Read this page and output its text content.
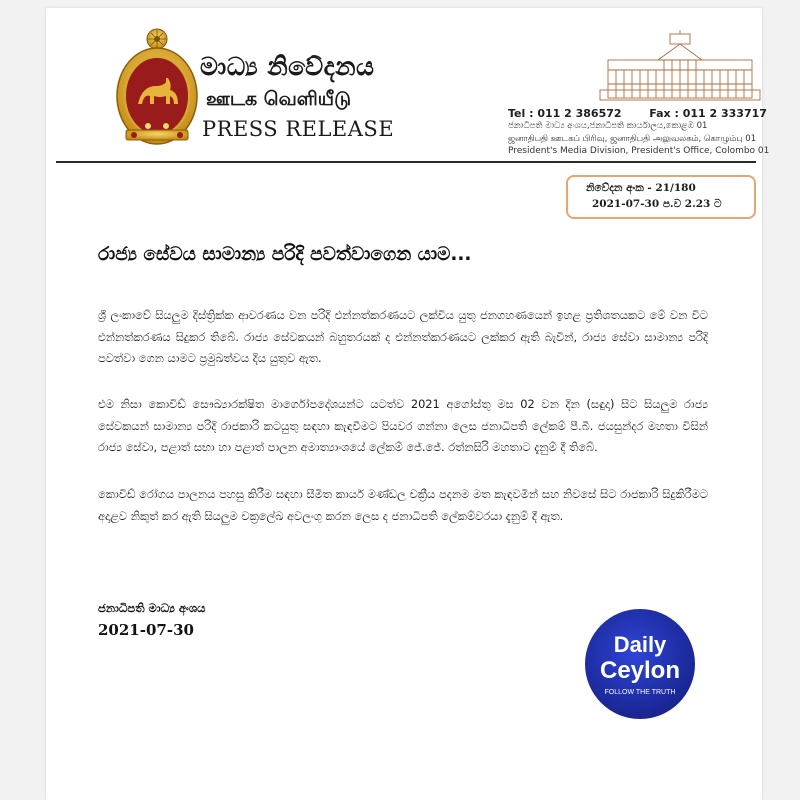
මාධ්‍ය නිවේදනය
ஊடக வெளியீடு
PRESS RELEASE
Tel : 011 2 386572	Fax : 011 2 333717
ජනාධිපති මාධ්‍ය අංශය,ජනාධිපති කාර්යාලය,කොළඹ 01
ஜனாதிபதி ஊடகப் பிரிவு, ஜனாதிபதி அலுவலகம், கொழும்பு 01
President's Media Division, President's Office, Colombo 01
නිවේදන අංක - 21/180
2021-07-30 ප.ව 2.23 ට
රාජ්‍ය සේවය සාමාන්‍ය පරිදි පවත්වාගෙන යාම...
ශ්‍රී ලංකාවේ සියලුම දිස්ත්‍රික්ක ආවරණය වන පරිදි එන්නත්කරණයට ලක්විය යුතු ජනගහණයෙන් ඉහළ ප්‍රතිශතයකට මේ වන විට එන්නත්කරණය සිදුකර තිබේ. රාජ්‍ය සේවකයන් බහුතරයක් ද එන්නත්කරණයට ලක්කර ඇති බැවින්, රාජ්‍ය සේවා සාමාන්‍ය පරිදි පවත්වා ගෙන යාමට ප්‍රමුඛත්වය දිය යුතුව ඇත.
එම නිසා කොවිඩ් සෞඛ්‍යාරක්ෂිත මාර්ගෝපදේශයන්ට යටත්ව 2021 අගෝස්තු මස 02 වන දින (සඳුදා) සිට සියලුම රාජ්‍ය සේවකයන් සාමාන්‍ය පරිදි රාජකාරි කටයුතු සඳහා කැඳවීමට පියවර ගන්නා ලෙස ජනාධිපති ලේකම් පී.බී. ජයසුන්දර මහතා විසින් රාජ්‍ය සේවා, පළාත් සභා හා පළාත් පාලන අමාත්‍යාංශයේ ලේකම් ජේ.ජේ. රත්නසිරි මහතාට දැනුම් දී තිබේ.
කොවිඩ් රෝගය පාලනය පහසු කිරීම සඳහා සීමිත කාර්ය මණ්ඩල චක්‍රීය පදනම මත කැඳවමින් සහ නිවසේ සිට රාජකාරි සිදුකිරීමට අදාළව නිකුත් කර ඇති සියලුම චක්‍රලේඛ අවලංගු කරන ලෙස ද ජනාධිපති ලේකම්වරයා දැනුම් දී ඇත.
ජනාධිපති මාධ්‍ය අංශය
2021-07-30
Daily
Ceylon
FOLLOW THE TRUTH
